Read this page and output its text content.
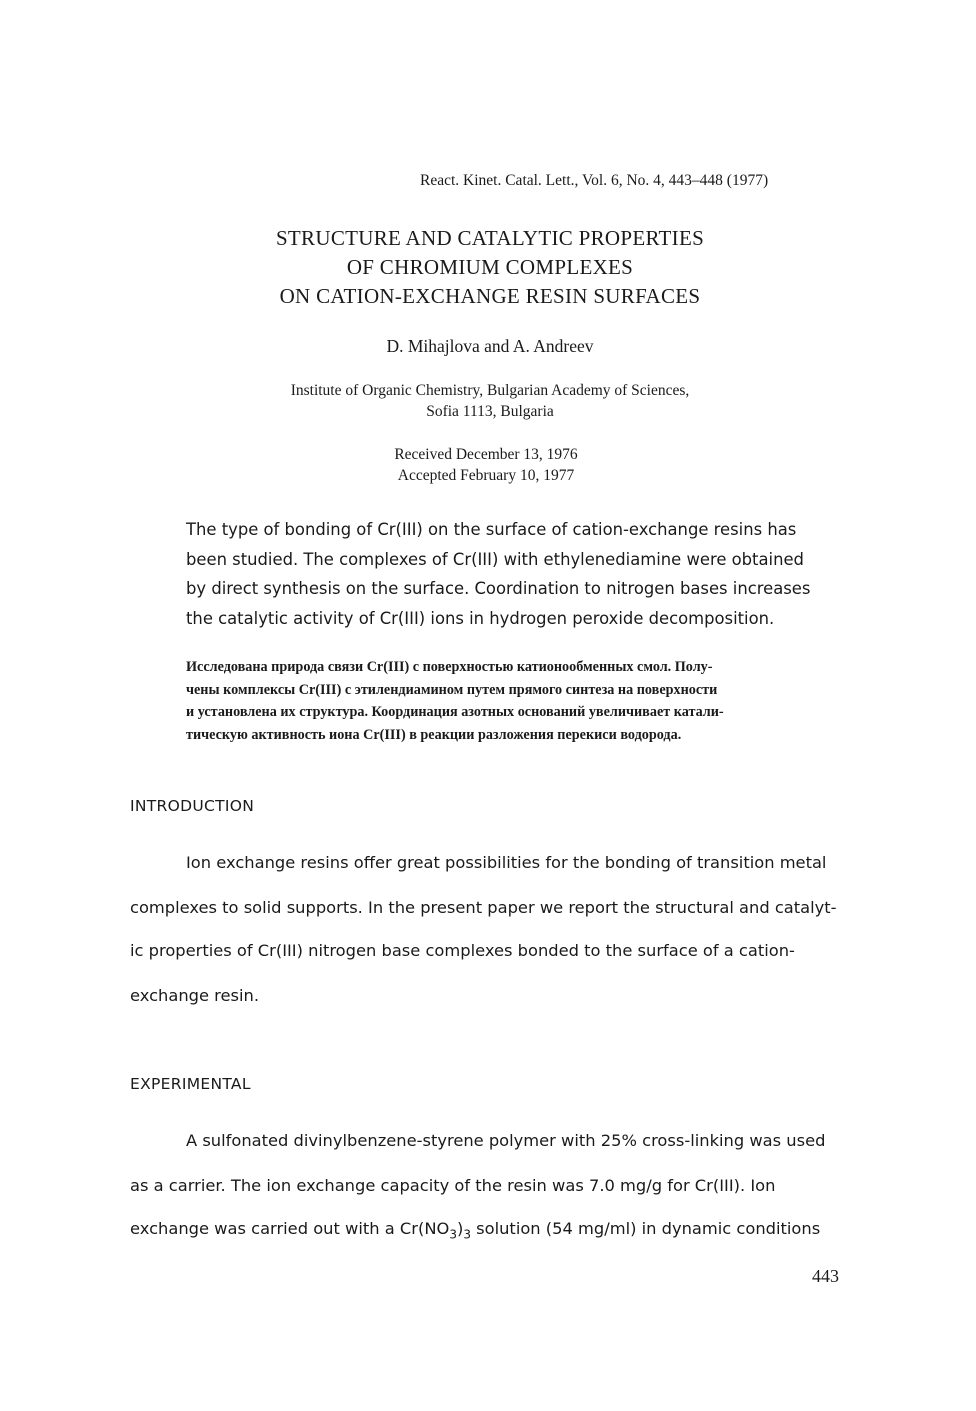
React. Kinet. Catal. Lett., Vol. 6, No. 4, 443–448 (1977)
STRUCTURE AND CATALYTIC PROPERTIES
OF CHROMIUM COMPLEXES
ON CATION-EXCHANGE RESIN SURFACES
D. Mihajlova and A. Andreev
Institute of Organic Chemistry, Bulgarian Academy of Sciences,
Sofia 1113, Bulgaria
Received December 13, 1976
Accepted February 10, 1977
The type of bonding of Cr(III) on the surface of cation-exchange resins has
been studied. The complexes of Cr(III) with ethylenediamine were obtained
by direct synthesis on the surface. Coordination to nitrogen bases increases
the catalytic activity of Cr(III) ions in hydrogen peroxide decomposition.
Исследована природа связи Cr(III) с поверхностью катионообменных смол. Полу-
чены комплексы Cr(III) с этилендиамином путем прямого синтеза на поверхности
и установлена их структура. Координация азотных оснований увеличивает катали-
тическую активность иона Cr(III) в реакции разложения перекиси водорода.
INTRODUCTION
Ion exchange resins offer great possibilities for the bonding of transition metal
complexes to solid supports. In the present paper we report the structural and catalyt-
ic properties of Cr(III) nitrogen base complexes bonded to the surface of a cation-
exchange resin.
EXPERIMENTAL
A sulfonated divinylbenzene-styrene polymer with 25% cross-linking was used
as a carrier. The ion exchange capacity of the resin was 7.0 mg/g for Cr(III). Ion
exchange was carried out with a $Cr(NO_3)_3$ solution (54 mg/ml) in dynamic conditions
443
